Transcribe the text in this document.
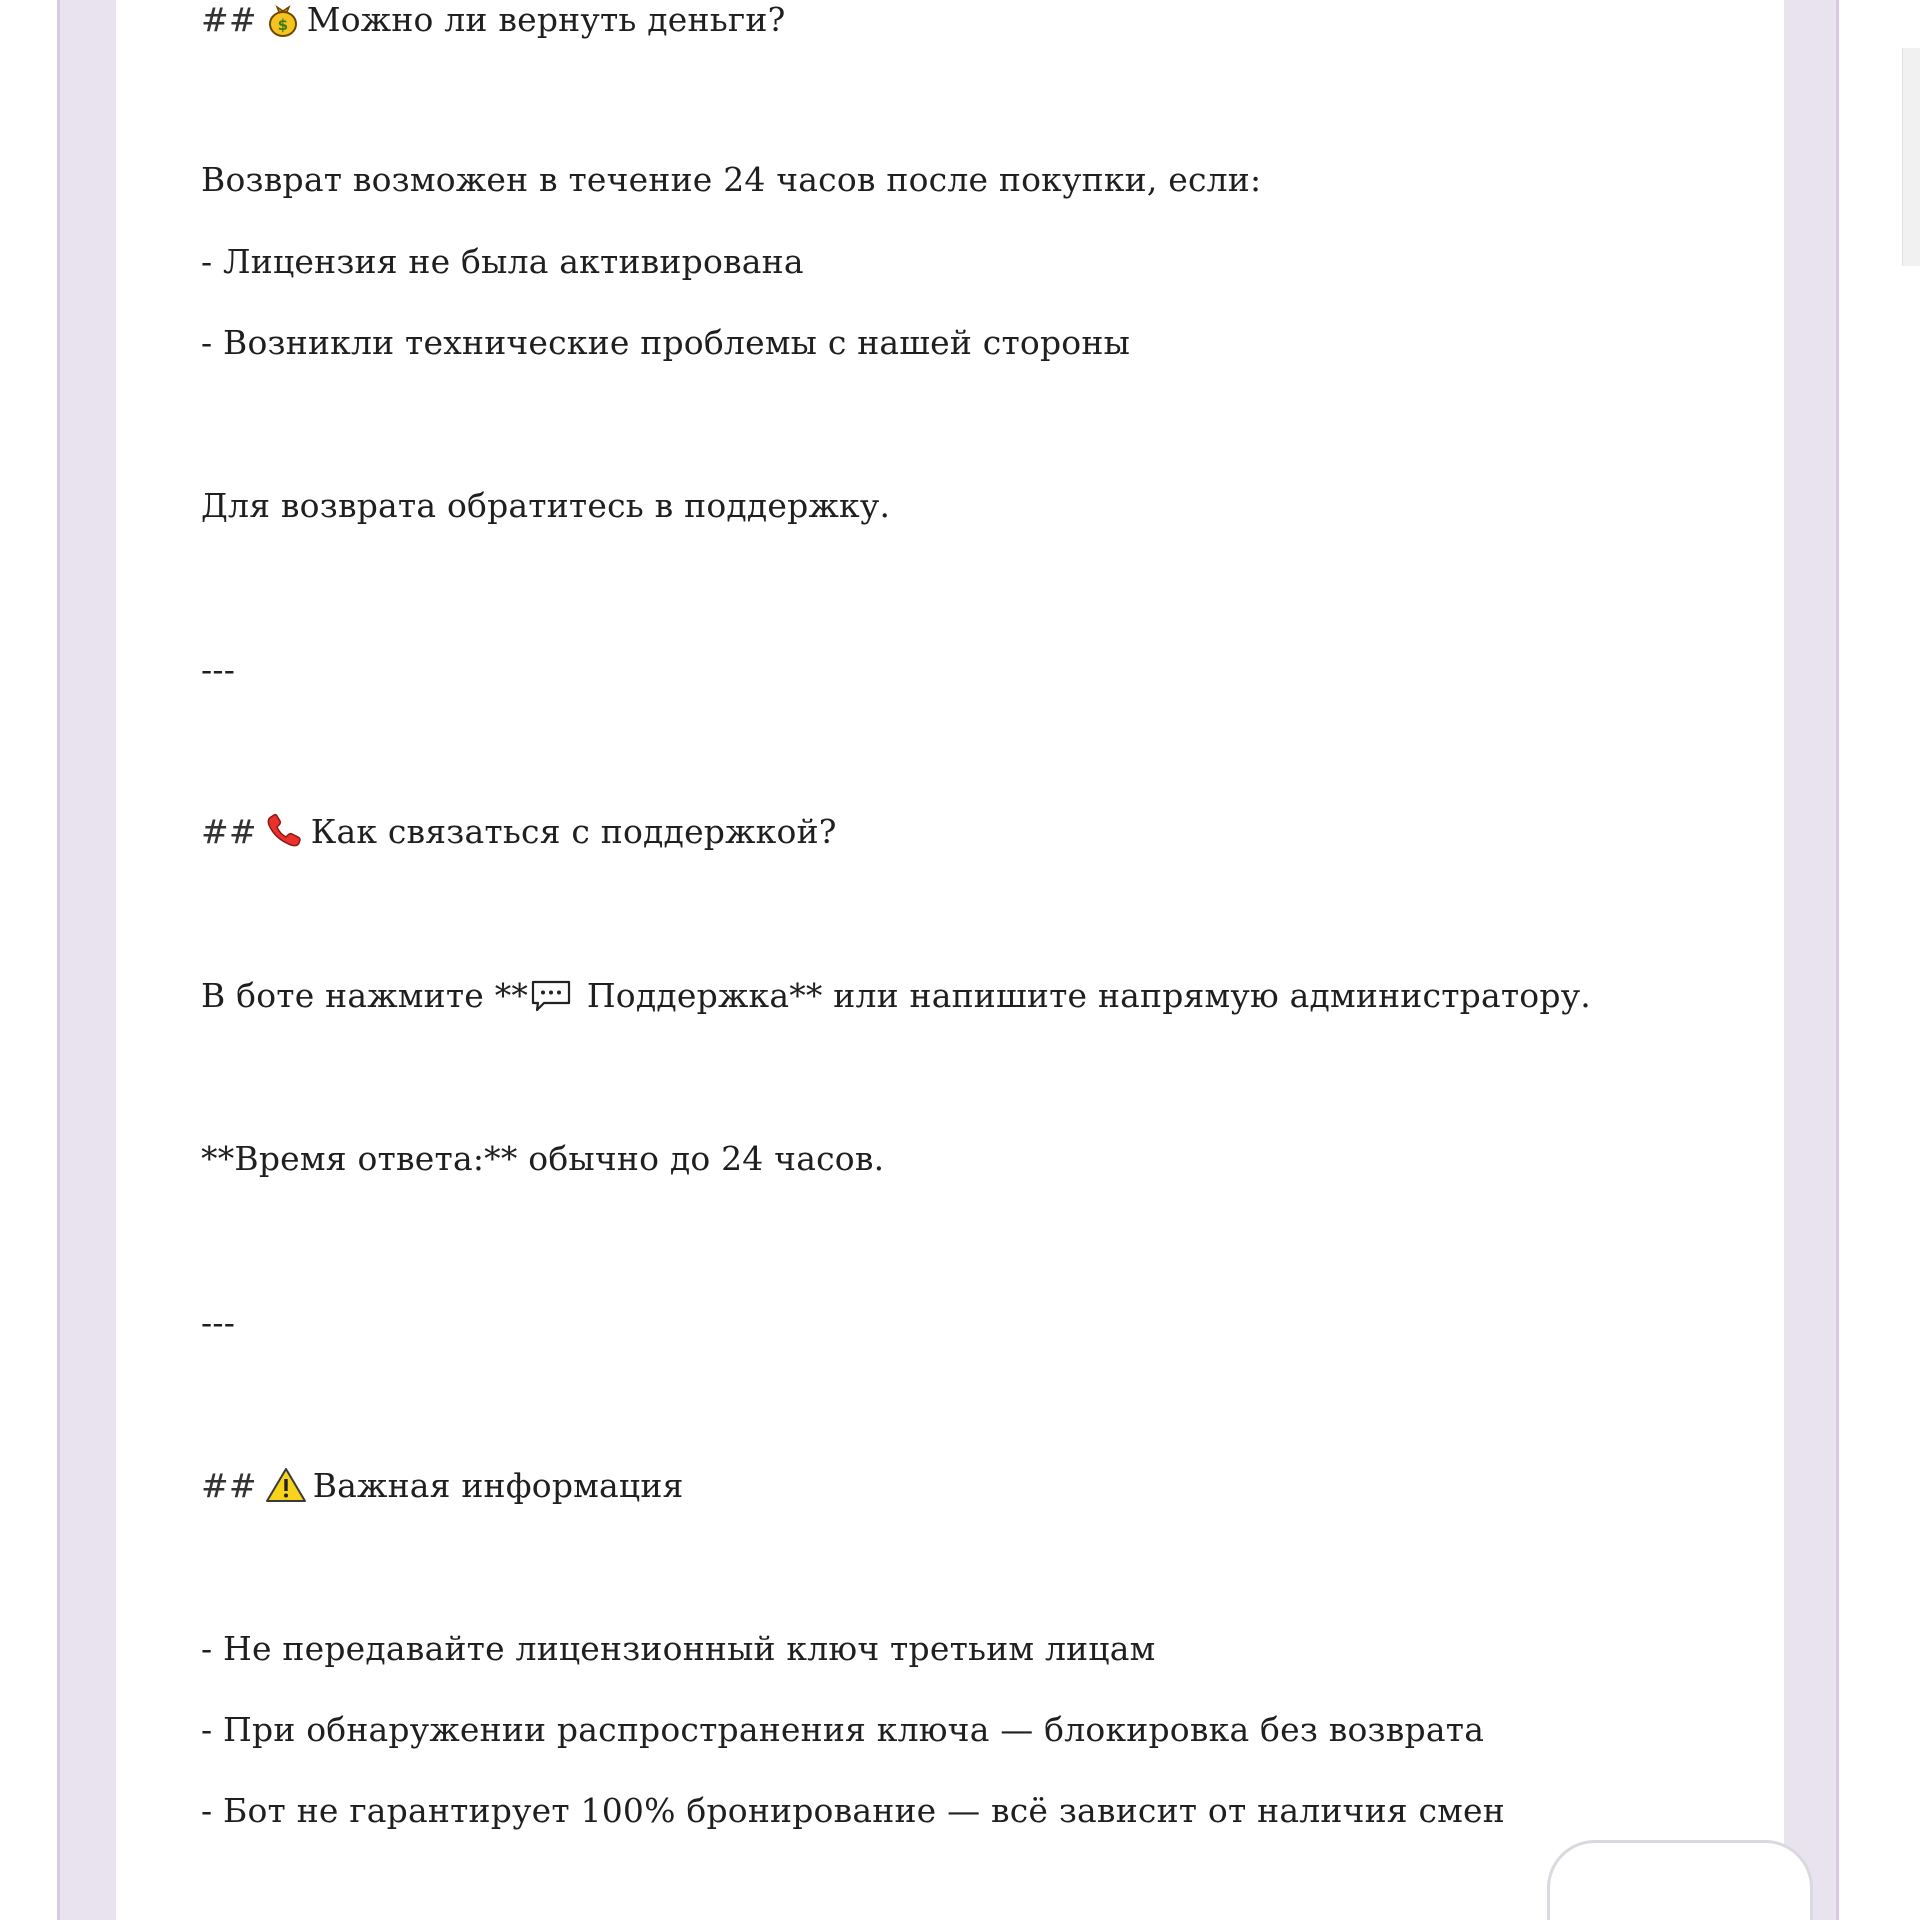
## $ Можно ли вернуть деньги?
Возврат возможен в течение 24 часов после покупки, если:
- Лицензия не была активирована
- Возникли технические проблемы с нашей стороны
Для возврата обратитесь в поддержку.
---
## Как связаться с поддержкой?
В боте нажмите ** Поддержка** или напишите напрямую администратору.
**Время ответа:** обычно до 24 часов.
---
## Важная информация
- Не передавайте лицензионный ключ третьим лицам
- При обнаружении распространения ключа — блокировка без возврата
- Бот не гарантирует 100% бронирование — всё зависит от наличия смен
